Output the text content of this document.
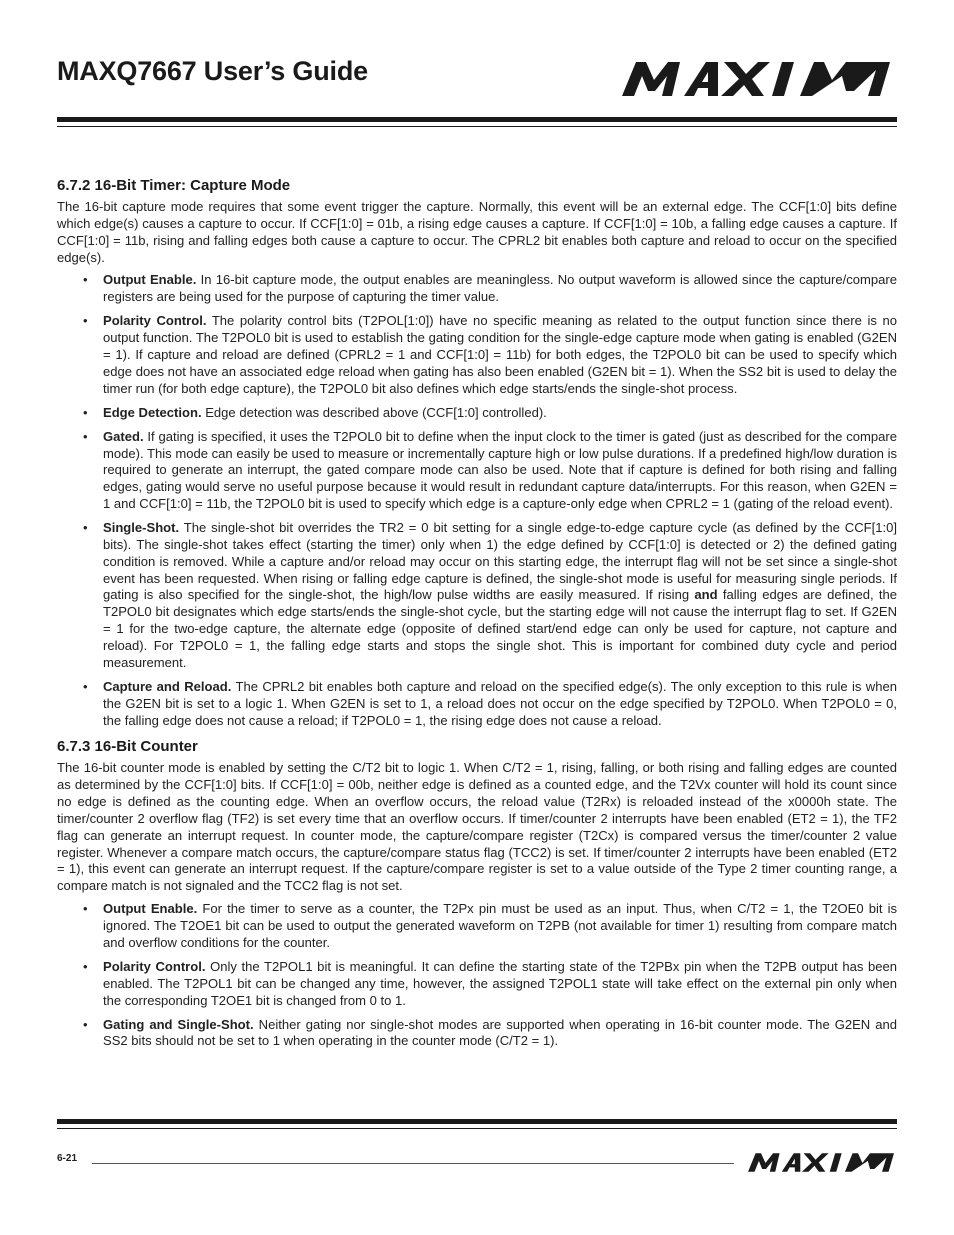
MAXQ7667 User’s Guide
6.7.2 16-Bit Timer: Capture Mode

The 16-bit capture mode requires that some event trigger the capture. Normally, this event will be an external edge. The CCF[1:0] bits define which edge(s) causes a capture to occur. If CCF[1:0] = 01b, a rising edge causes a capture. If CCF[1:0] = 10b, a falling edge causes a capture. If CCF[1:0] = 11b, rising and falling edges both cause a capture to occur. The CPRL2 bit enables both capture and reload to occur on the specified edge(s).

• Output Enable. In 16-bit capture mode, the output enables are meaningless. No output waveform is allowed since the capture/compare registers are being used for the purpose of capturing the timer value.
• Polarity Control. The polarity control bits (T2POL[1:0]) have no specific meaning as related to the output function since there is no output function. The T2POL0 bit is used to establish the gating condition for the single-edge capture mode when gating is enabled (G2EN = 1). If capture and reload are defined (CPRL2 = 1 and CCF[1:0] = 11b) for both edges, the T2POL0 bit can be used to specify which edge does not have an associated edge reload when gating has also been enabled (G2EN bit = 1). When the SS2 bit is used to delay the timer run (for both edge capture), the T2POL0 bit also defines which edge starts/ends the single-shot process.
• Edge Detection. Edge detection was described above (CCF[1:0] controlled).
• Gated. If gating is specified, it uses the T2POL0 bit to define when the input clock to the timer is gated (just as described for the compare mode). This mode can easily be used to measure or incrementally capture high or low pulse durations. If a predefined high/low duration is required to generate an interrupt, the gated compare mode can also be used. Note that if capture is defined for both rising and falling edges, gating would serve no useful purpose because it would result in redundant capture data/interrupts. For this reason, when G2EN = 1 and CCF[1:0] = 11b, the T2POL0 bit is used to specify which edge is a capture-only edge when CPRL2 = 1 (gating of the reload event).
• Single-Shot. The single-shot bit overrides the TR2 = 0 bit setting for a single edge-to-edge capture cycle (as defined by the CCF[1:0] bits). The single-shot takes effect (starting the timer) only when 1) the edge defined by CCF[1:0] is detected or 2) the defined gating condition is removed. While a capture and/or reload may occur on this starting edge, the interrupt flag will not be set since a single-shot event has been requested. When rising or falling edge capture is defined, the single-shot mode is useful for measuring single periods. If gating is also specified for the single-shot, the high/low pulse widths are easily measured. If rising and falling edges are defined, the T2POL0 bit designates which edge starts/ends the single-shot cycle, but the starting edge will not cause the interrupt flag to set. If G2EN = 1 for the two-edge capture, the alternate edge (opposite of defined start/end edge can only be used for capture, not capture and reload). For T2POL0 = 1, the falling edge starts and stops the single shot. This is important for combined duty cycle and period measurement.
• Capture and Reload. The CPRL2 bit enables both capture and reload on the specified edge(s). The only exception to this rule is when the G2EN bit is set to a logic 1. When G2EN is set to 1, a reload does not occur on the edge specified by T2POL0. When T2POL0 = 0, the falling edge does not cause a reload; if T2POL0 = 1, the rising edge does not cause a reload.
6.7.3 16-Bit Counter

The 16-bit counter mode is enabled by setting the C/T2 bit to logic 1. When C/T2 = 1, rising, falling, or both rising and falling edges are counted as determined by the CCF[1:0] bits. If CCF[1:0] = 00b, neither edge is defined as a counted edge, and the T2Vx counter will hold its count since no edge is defined as the counting edge. When an overflow occurs, the reload value (T2Rx) is reloaded instead of the x0000h state. The timer/counter 2 overflow flag (TF2) is set every time that an overflow occurs. If timer/counter 2 interrupts have been enabled (ET2 = 1), the TF2 flag can generate an interrupt request. In counter mode, the capture/compare register (T2Cx) is compared versus the timer/counter 2 value register. Whenever a compare match occurs, the capture/compare status flag (TCC2) is set. If timer/counter 2 interrupts have been enabled (ET2 = 1), this event can generate an interrupt request. If the capture/compare register is set to a value outside of the Type 2 timer counting range, a compare match is not signaled and the TCC2 flag is not set.

• Output Enable. For the timer to serve as a counter, the T2Px pin must be used as an input. Thus, when C/T2 = 1, the T2OE0 bit is ignored. The T2OE1 bit can be used to output the generated waveform on T2PB (not available for timer 1) resulting from compare match and overflow conditions for the counter.
• Polarity Control. Only the T2POL1 bit is meaningful. It can define the starting state of the T2PBx pin when the T2PB output has been enabled. The T2POL1 bit can be changed any time, however, the assigned T2POL1 state will take effect on the external pin only when the corresponding T2OE1 bit is changed from 0 to 1.
• Gating and Single-Shot. Neither gating nor single-shot modes are supported when operating in 16-bit counter mode. The G2EN and SS2 bits should not be set to 1 when operating in the counter mode (C/T2 = 1).
6-21
